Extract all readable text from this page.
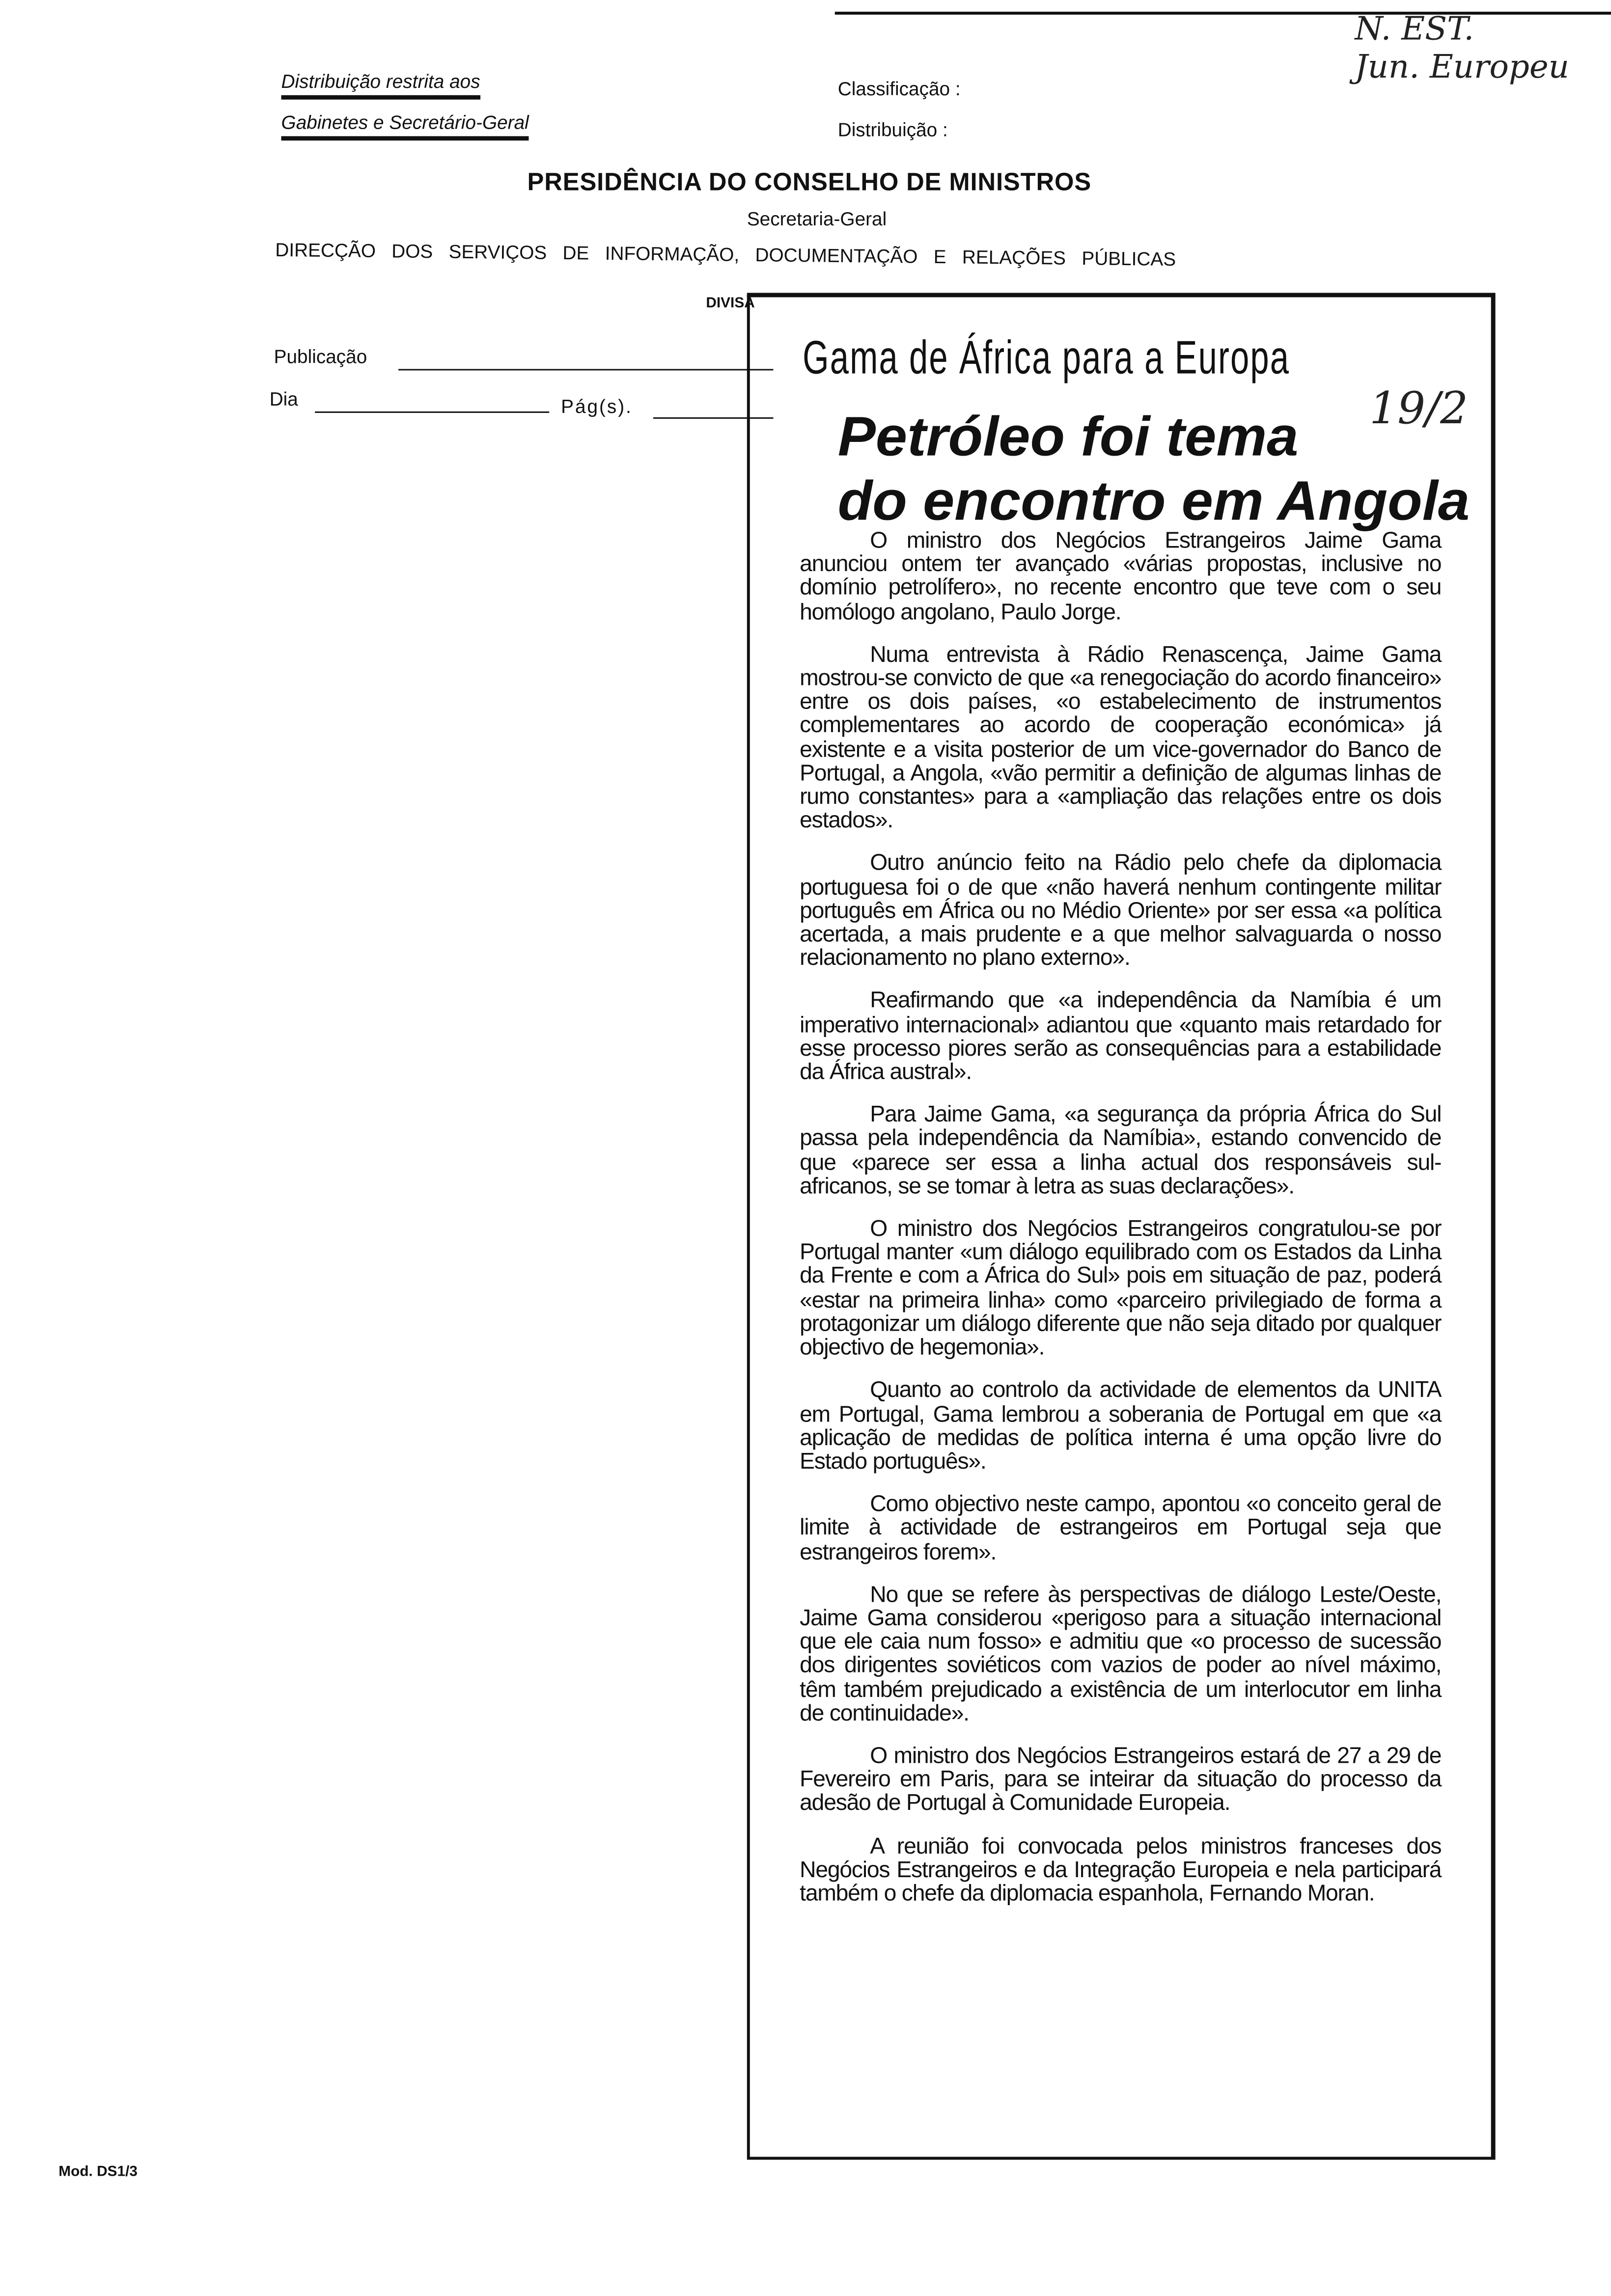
Distribuição restrita aos
Gabinetes e Secretário-Geral
Classificação :
Distribuição :
N. EST.
Jun. Europeu
PRESIDÊNCIA DO CONSELHO DE MINISTROS
Secretaria-Geral
DIRECÇÃO   DOS   SERVIÇOS   DE   INFORMAÇÃO,   DOCUMENTAÇÃO   E   RELAÇÕES   PÚBLICAS
DIVISÃ
Publicação
Dia	Pág(s).
Gama de África para a Europa
19/2
Petróleo foi tema
do encontro em Angola

O ministro dos Negócios Estrangeiros Jaime Gama anunciou ontem ter avançado «várias propostas, inclusive no domínio petrolífero», no recente encontro que teve com o seu homólogo angolano, Paulo Jorge.

Numa entrevista à Rádio Renascença, Jaime Gama mostrou-se convicto de que «a renegociação do acordo financeiro» entre os dois países, «o estabelecimento de instrumentos complementares ao acordo de cooperação económica» já existente e a visita posterior de um vice-governador do Banco de Portugal, a Angola, «vão permitir a definição de algumas linhas de rumo constantes» para a «ampliação das relações entre os dois estados».

Outro anúncio feito na Rádio pelo chefe da diplomacia portuguesa foi o de que «não haverá nenhum contingente militar português em África ou no Médio Oriente» por ser essa «a política acertada, a mais prudente e a que melhor salvaguarda o nosso relacionamento no plano externo».

Reafirmando que «a independência da Namíbia é um imperativo internacional» adiantou que «quanto mais retardado for esse processo piores serão as consequências para a estabilidade da África austral».

Para Jaime Gama, «a segurança da própria África do Sul passa pela independência da Namíbia», estando convencido de que «parece ser essa a linha actual dos responsáveis sul-africanos, se se tomar à letra as suas declarações».

O ministro dos Negócios Estrangeiros congratulou-se por Portugal manter «um diálogo equilibrado com os Estados da Linha da Frente e com a África do Sul» pois em situação de paz, poderá «estar na primeira linha» como «parceiro privilegiado de forma a protagonizar um diálogo diferente que não seja ditado por qualquer objectivo de hegemonia».

Quanto ao controlo da actividade de elementos da UNITA em Portugal, Gama lembrou a soberania de Portugal em que «a aplicação de medidas de política interna é uma opção livre do Estado português».

Como objectivo neste campo, apontou «o conceito geral de limite à actividade de estrangeiros em Portugal seja que estrangeiros forem».

No que se refere às perspectivas de diálogo Leste/Oeste, Jaime Gama considerou «perigoso para a situação internacional que ele caia num fosso» e admitiu que «o processo de sucessão dos dirigentes soviéticos com vazios de poder ao nível máximo, têm também prejudicado a existência de um interlocutor em linha de continuidade».

O ministro dos Negócios Estrangeiros estará de 27 a 29 de Fevereiro em Paris, para se inteirar da situação do processo da adesão de Portugal à Comunidade Europeia.

A reunião foi convocada pelos ministros franceses dos Negócios Estrangeiros e da Integração Europeia e nela participará também o chefe da diplomacia espanhola, Fernando Moran.

Mod. DS1/3
